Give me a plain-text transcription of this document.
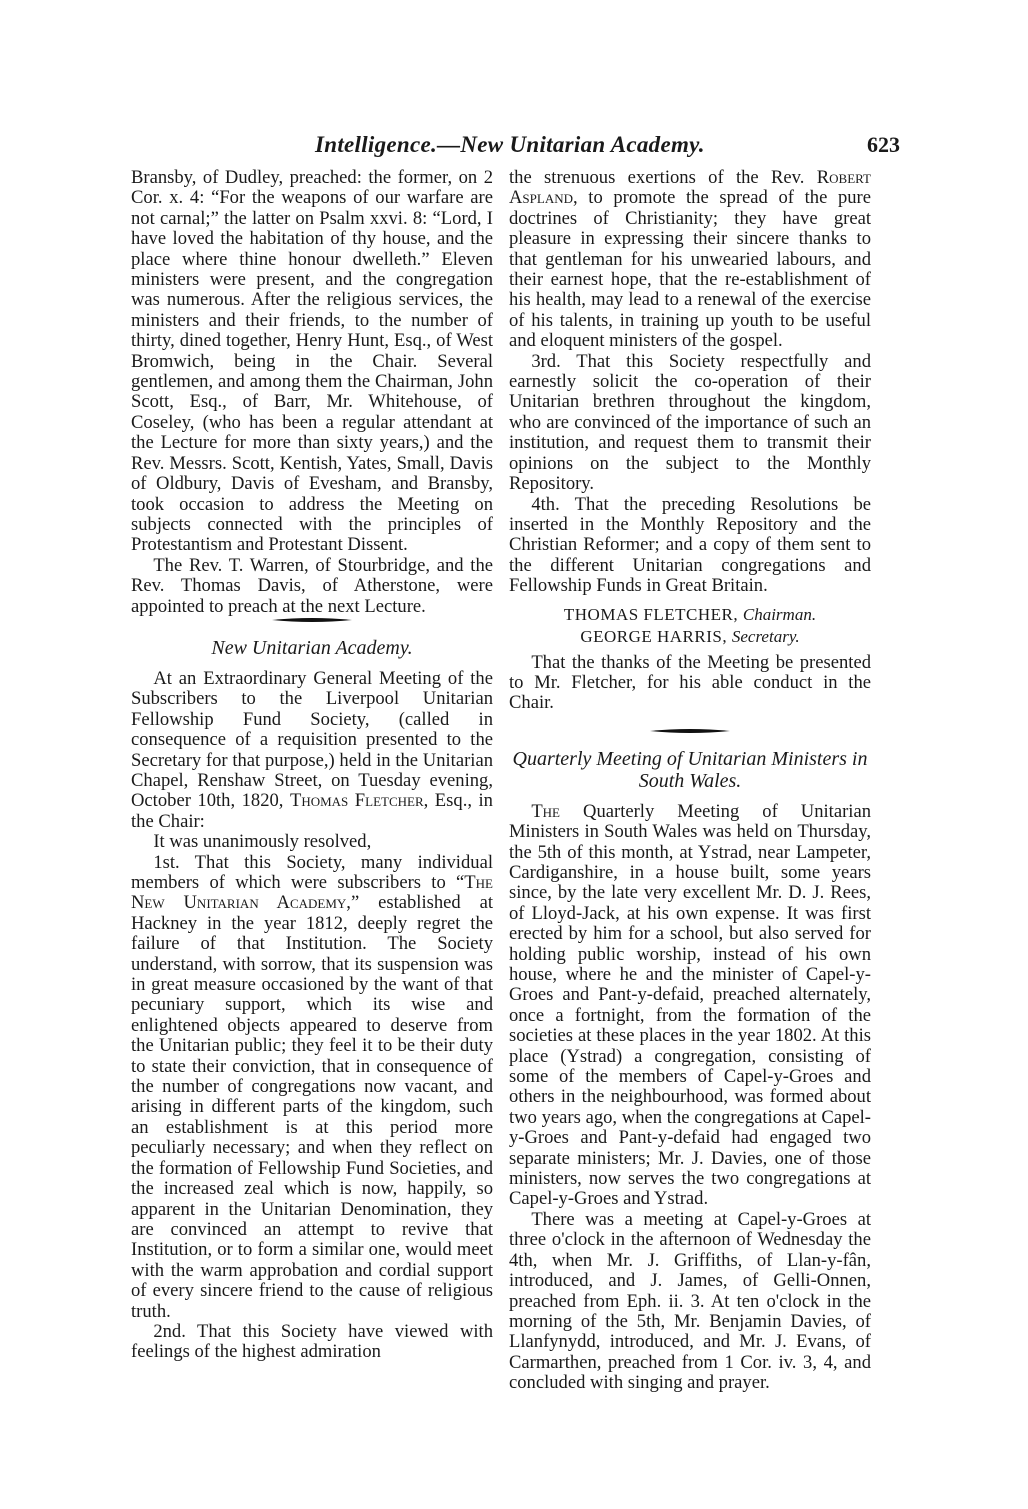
Intelligence.—New Unitarian Academy.	623

Bransby, of Dudley, preached: the former, on 2 Cor. x. 4: “For the weapons of our warfare are not carnal;” the latter on Psalm xxvi. 8: “Lord, I have loved the habitation of thy house, and the place where thine honour dwelleth.” Eleven ministers were present, and the congregation was numerous. After the religious services, the ministers and their friends, to the number of thirty, dined together, Henry Hunt, Esq., of West Bromwich, being in the Chair. Several gentlemen, and among them the Chairman, John Scott, Esq., of Barr, Mr. Whitehouse, of Coseley, (who has been a regular attendant at the Lecture for more than sixty years,) and the Rev. Messrs. Scott, Kentish, Yates, Small, Davis of Oldbury, Davis of Evesham, and Bransby, took occasion to address the Meeting on subjects connected with the principles of Protestantism and Protestant Dissent.

The Rev. T. Warren, of Stourbridge, and the Rev. Thomas Davis, of Atherstone, were appointed to preach at the next Lecture.

New Unitarian Academy.

At an Extraordinary General Meeting of the Subscribers to the Liverpool Unitarian Fellowship Fund Society, (called in consequence of a requisition presented to the Secretary for that purpose,) held in the Unitarian Chapel, Renshaw Street, on Tuesday evening, October 10th, 1820, Thomas Fletcher, Esq., in the Chair:

It was unanimously resolved,

1st. That this Society, many individual members of which were subscribers to “The New Unitarian Academy,” established at Hackney in the year 1812, deeply regret the failure of that Institution. The Society understand, with sorrow, that its suspension was in great measure occasioned by the want of that pecuniary support, which its wise and enlightened objects appeared to deserve from the Unitarian public; they feel it to be their duty to state their conviction, that in consequence of the number of congregations now vacant, and arising in different parts of the kingdom, such an establishment is at this period more peculiarly necessary; and when they reflect on the formation of Fellowship Fund Societies, and the increased zeal which is now, happily, so apparent in the Unitarian Denomination, they are convinced an attempt to revive that Institution, or to form a similar one, would meet with the warm approbation and cordial support of every sincere friend to the cause of religious truth.

2nd. That this Society have viewed with feelings of the highest admiration

the strenuous exertions of the Rev. Robert Aspland, to promote the spread of the pure doctrines of Christianity; they have great pleasure in expressing their sincere thanks to that gentleman for his unwearied labours, and their earnest hope, that the re-establishment of his health, may lead to a renewal of the exercise of his talents, in training up youth to be useful and eloquent ministers of the gospel.

3rd. That this Society respectfully and earnestly solicit the co-operation of their Unitarian brethren throughout the kingdom, who are convinced of the importance of such an institution, and request them to transmit their opinions on the subject to the Monthly Repository.

4th. That the preceding Resolutions be inserted in the Monthly Repository and the Christian Reformer; and a copy of them sent to the different Unitarian congregations and Fellowship Funds in Great Britain.

THOMAS FLETCHER, Chairman.
GEORGE HARRIS, Secretary.

That the thanks of the Meeting be presented to Mr. Fletcher, for his able conduct in the Chair.

Quarterly Meeting of Unitarian Ministers in South Wales.

The Quarterly Meeting of Unitarian Ministers in South Wales was held on Thursday, the 5th of this month, at Ystrad, near Lampeter, Cardiganshire, in a house built, some years since, by the late very excellent Mr. D. J. Rees, of Lloyd-Jack, at his own expense. It was first erected by him for a school, but also served for holding public worship, instead of his own house, where he and the minister of Capel-y-Groes and Pant-y-defaid, preached alternately, once a fortnight, from the formation of the societies at these places in the year 1802. At this place (Ystrad) a congregation, consisting of some of the members of Capel-y-Groes and others in the neighbourhood, was formed about two years ago, when the congregations at Capel-y-Groes and Pant-y-defaid had engaged two separate ministers; Mr. J. Davies, one of those ministers, now serves the two congregations at Capel-y-Groes and Ystrad.

There was a meeting at Capel-y-Groes at three o'clock in the afternoon of Wednesday the 4th, when Mr. J. Griffiths, of Llan-y-fân, introduced, and J. James, of Gelli-Onnen, preached from Eph. ii. 3. At ten o'clock in the morning of the 5th, Mr. Benjamin Davies, of Llanfynydd, introduced, and Mr. J. Evans, of Carmarthen, preached from 1 Cor. iv. 3, 4, and concluded with singing and prayer.
